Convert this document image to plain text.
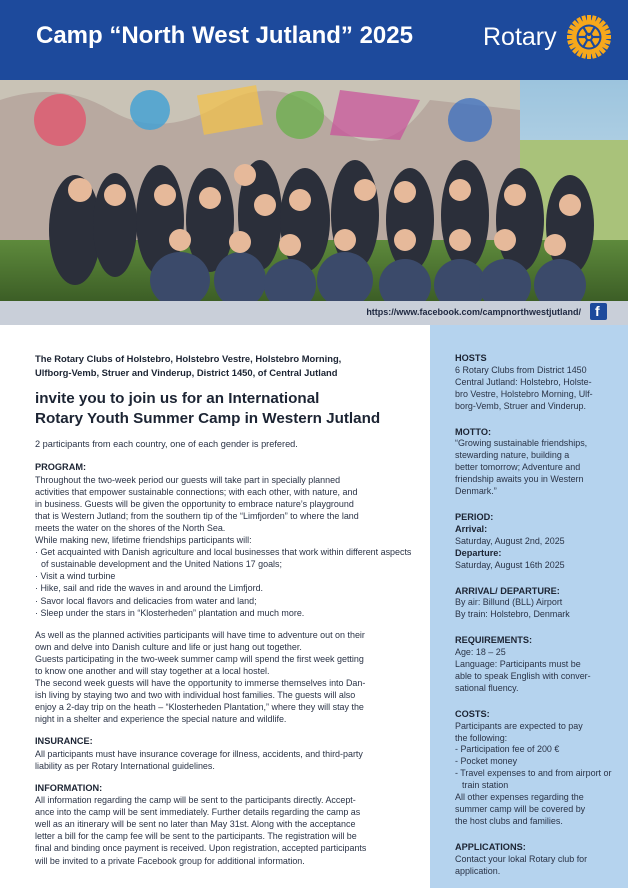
Camp “North West Jutland” 2025	Rotary
https://www.facebook.com/campnorthwestjutland/ f
The Rotary Clubs of Holstebro, Holstebro Vestre, Holstebro Morning,
Ulfborg-Vemb, Struer and Vinderup, District 1450, of Central Jutland
invite you to join us for an International
Rotary Youth Summer Camp in Western Jutland
2 participants from each country, one of each gender is prefered.
PROGRAM:
Throughout the two-week period our guests will take part in specially planned
activities that empower sustainable connections; with each other, with nature, and
in business. Guests will be given the opportunity to embrace nature’s playground
that is Western Jutland; from the southern tip of the “Limfjorden” to where the land
meets the water on the shores of the North Sea.
While making new, lifetime friendships participants will:
· Get acquainted with Danish agriculture and local businesses that work within different aspects of sustainable development and the United Nations 17 goals;
· Visit a wind turbine
· Hike, sail and ride the waves in and around the Limfjord.
· Savor local flavors and delicacies from water and land;
· Sleep under the stars in “Klosterheden” plantation and much more.
As well as the planned activities participants will have time to adventure out on their
own and delve into Danish culture and life or just hang out together.
Guests participating in the two-week summer camp will spend the first week getting
to know one another and will stay together at a local hostel.
The second week guests will have the opportunity to immerse themselves into Dan-
ish living by staying two and two with individual host families. The guests will also
enjoy a 2-day trip on the heath – “Klosterheden Plantation,” where they will stay the
night in a shelter and experience the special nature and wildlife.
INSURANCE:
All participants must have insurance coverage for illness, accidents, and third-party
liability as per Rotary International guidelines.
INFORMATION:
All information regarding the camp will be sent to the participants directly. Accept-
ance into the camp will be sent immediately. Further details regarding the camp as
well as an itinerary will be sent no later than May 31st. Along with the acceptance
letter a bill for the camp fee will be sent to the participants. The registration will be
final and binding once payment is received. Upon registration, accepted participants
will be invited to a private Facebook group for additional information.
HOSTS
6 Rotary Clubs from District 1450
Central Jutland: Holstebro, Holste-
bro Vestre, Holstebro Morning, Ulf-
borg-Vemb, Struer and Vinderup.
MOTTO:
“Growing sustainable friendships,
stewarding nature, building a
better tomorrow; Adventure and
friendship awaits you in Western
Denmark.”
PERIOD:
Arrival:
Saturday, August 2nd, 2025
Departure:
Saturday, August 16th 2025
ARRIVAL/ DEPARTURE:
By air: Billund (BLL) Airport
By train: Holstebro, Denmark
REQUIREMENTS:
Age: 18 – 25
Language: Participants must be
able to speak English with conver-
sational fluency.
COSTS:
Participants are expected to pay
the following:
- Participation fee of 200 €
- Pocket money
- Travel expenses to and from airport or train station
All other expenses regarding the
summer camp will be covered by
the host clubs and families.
APPLICATIONS:
Contact your lokal Rotary club for
application.
